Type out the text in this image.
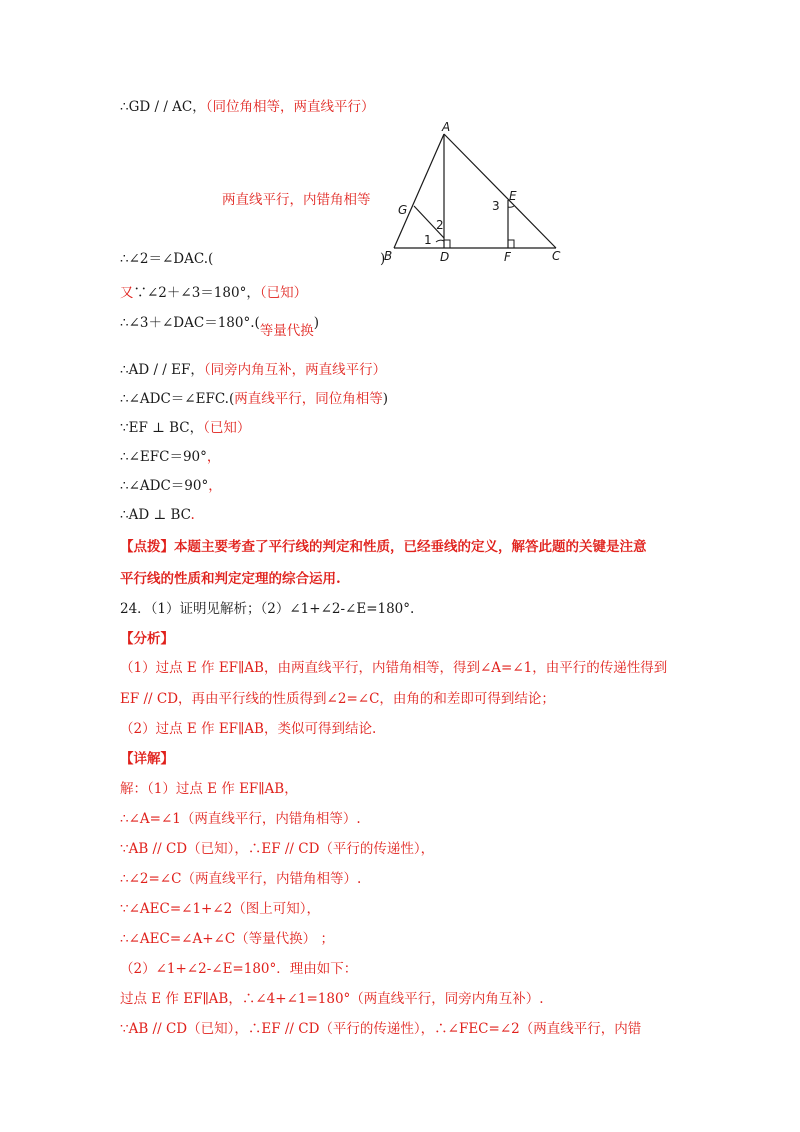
∴GD / / AC，（同位角相等，两直线平行）
两直线平行，内错角相等
∴∠2＝∠DAC.(	)
又∵∠2＋∠3＝180°，（已知）
∴∠3＋∠DAC＝180°.(等量代换)
∴AD / / EF，（同旁内角互补，两直线平行）
∴∠ADC＝∠EFC.(两直线平行，同位角相等)
∵EF ⊥ BC，（已知）
∴∠EFC＝90°，
∴∠ADC＝90°，
∴AD ⊥ BC.
【点拨】本题主要考查了平行线的判定和性质，已经垂线的定义，解答此题的关键是注意
平行线的性质和判定定理的综合运用.
24．（1）证明见解析；（2）∠1+∠2-∠E=180°.
【分析】
（1）过点 E 作 EF∥AB，由两直线平行，内错角相等，得到∠A=∠1，由平行的传递性得到
EF // CD，再由平行线的性质得到∠2=∠C，由角的和差即可得到结论；
（2）过点 E 作 EF∥AB，类似可得到结论.
【详解】
解：（1）过点 E 作 EF∥AB，
∴∠A=∠1（两直线平行，内错角相等）.
∵AB // CD（已知），∴EF // CD（平行的传递性），
∴∠2=∠C（两直线平行，内错角相等）.
∵∠AEC=∠1+∠2（图上可知），
∴∠AEC=∠A+∠C（等量代换） ；
（2）∠1+∠2-∠E=180°．理由如下：
过点 E 作 EF∥AB，∴∠4+∠1=180°（两直线平行，同旁内角互补）.
∵AB // CD（已知），∴EF // CD（平行的传递性），∴∠FEC=∠2（两直线平行，内错
A
B	C
D
E
F
G
1
2
3
